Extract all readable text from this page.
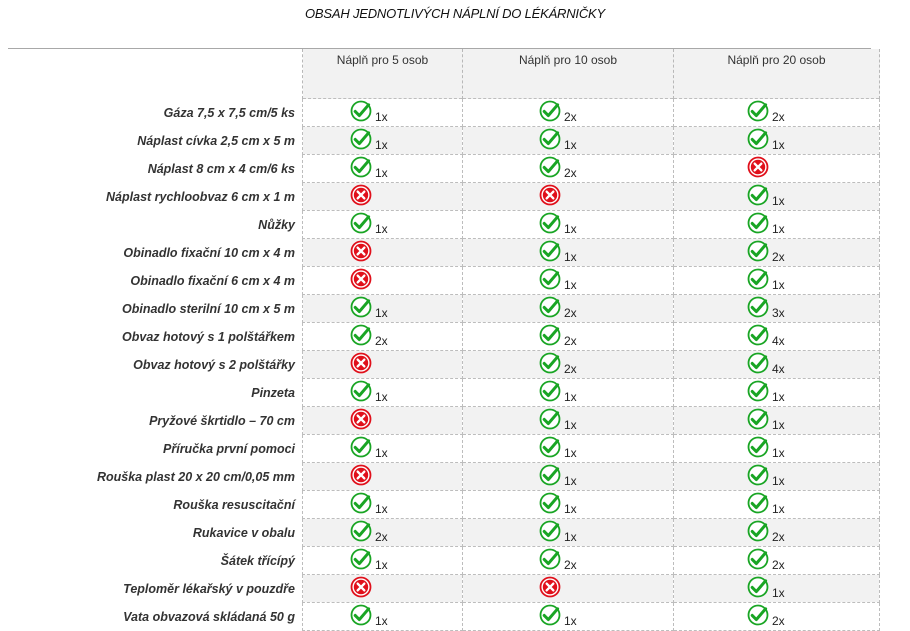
OBSAH JEDNOTLIVÝCH NÁPLNÍ DO LÉKÁRNIČKY
	Náplň pro 5 osob	Náplň pro 10 osob	Náplň pro 20 osob
Gáza 7,5 x 7,5 cm/5 ks	1x	2x	2x

Náplast cívka 2,5 cm x 5 m	1x	1x	1x

Náplast 8 cm x 4 cm/6 ks	1x	2x

Náplast rychloobvaz 6 cm x 1 m			1x

Nůžky	1x	1x	1x

Obinadlo fixační 10 cm x 4 m		1x	2x

Obinadlo fixační 6 cm x 4 m		1x	1x

Obinadlo sterilní 10 cm x 5 m	1x	2x	3x

Obvaz hotový s 1 polštářkem	2x	2x	4x

Obvaz hotový s 2 polštářky		2x	4x

Pinzeta	1x	1x	1x

Pryžové škrtidlo – 70 cm		1x	1x

Příručka první pomoci	1x	1x	1x

Rouška plast 20 x 20 cm/0,05 mm		1x	1x

Rouška resuscitační	1x	1x	1x

Rukavice v obalu	2x	1x	2x

Šátek třícípý	1x	2x	2x

Teploměr lékařský v pouzdře			1x

Vata obvazová skládaná 50 g	1x	1x	2x
